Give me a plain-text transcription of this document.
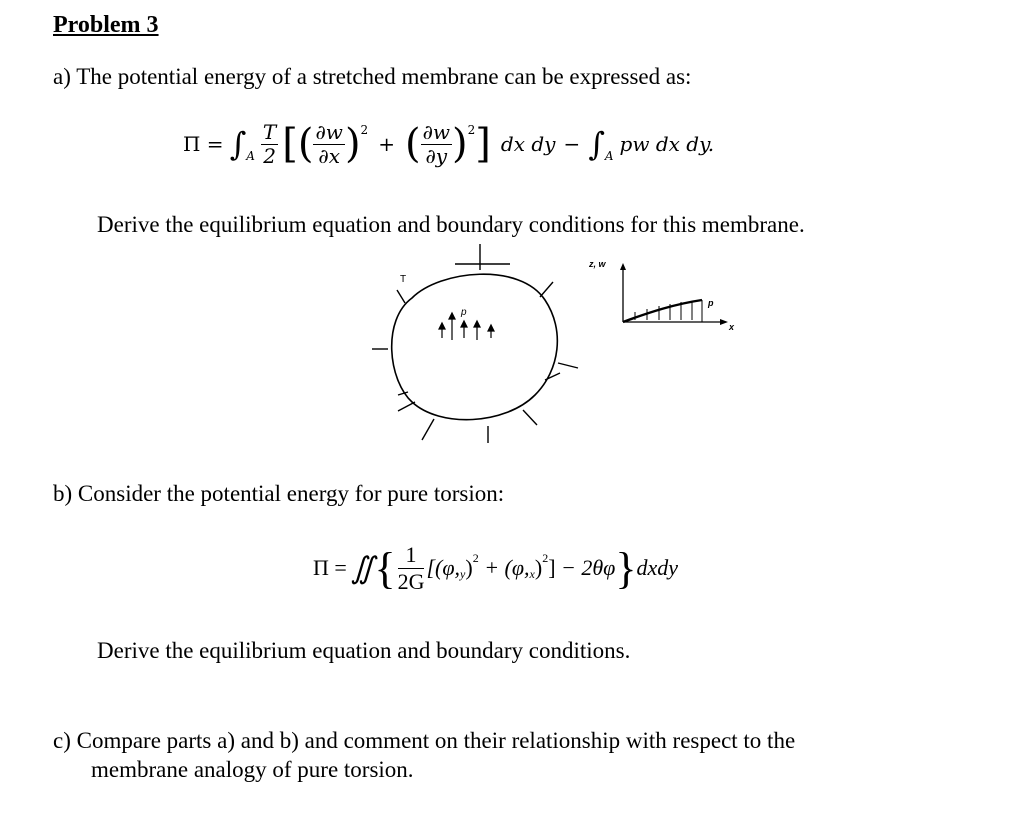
Problem 3
a) The potential energy of a stretched membrane can be expressed as:
$\Pi = \int_A \frac{T}{2}$ [ ( $\frac{\partial w}{\partial x}$ ) 2
+ ( $\frac{\partial w}{\partial y}$ ) 2 ] dx dy − $\int_A$ pw dx dy.
Derive the equilibrium equation and boundary conditions for this membrane.
T
p
z, w
p
x
b) Consider the potential energy for pure torsion:
Π = ∬ { $\frac{1}{2G} [(\varphi$, y ) 2 + (φ, x ) 2 ] − 2θφ } dxdy
Derive the equilibrium equation and boundary conditions.
c) Compare parts a) and b) and comment on their relationship with respect to the
membrane analogy of pure torsion.
